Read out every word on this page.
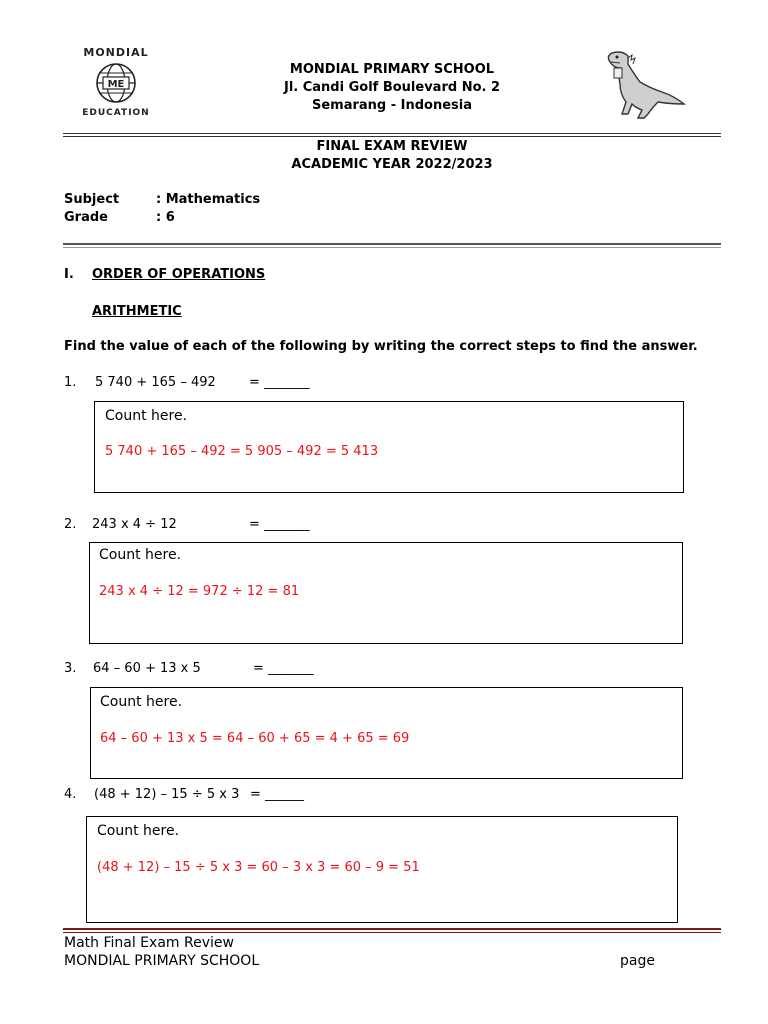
MONDIAL
ME
EDUCATION
MONDIAL PRIMARY SCHOOL
Jl. Candi Golf Boulevard No. 2
Semarang - Indonesia
FINAL EXAM REVIEW
ACADEMIC YEAR 2022/2023
Subject	: Mathematics
Grade	: 6
I. ORDER OF OPERATIONS
ARITHMETIC
Find the value of each of the following by writing the correct steps to find the answer.
1. 5 740 + 165 – 492	= _______
Count here.
5 740 + 165 – 492 = 5 905 – 492 = 5 413
2. 243 x 4 ÷ 12	= _______
Count here.
243 x 4 ÷ 12 = 972 ÷ 12 = 81
3. 64 – 60 + 13 x 5	= _______
Count here.
64 – 60 + 13 x 5 = 64 – 60 + 65 = 4 + 65 = 69
4. (48 + 12) – 15 ÷ 5 x 3 = ______
Count here.
(48 + 12) – 15 ÷ 5 x 3 = 60 – 3 x 3 = 60 – 9 = 51
Math Final Exam Review
MONDIAL PRIMARY SCHOOL	page
